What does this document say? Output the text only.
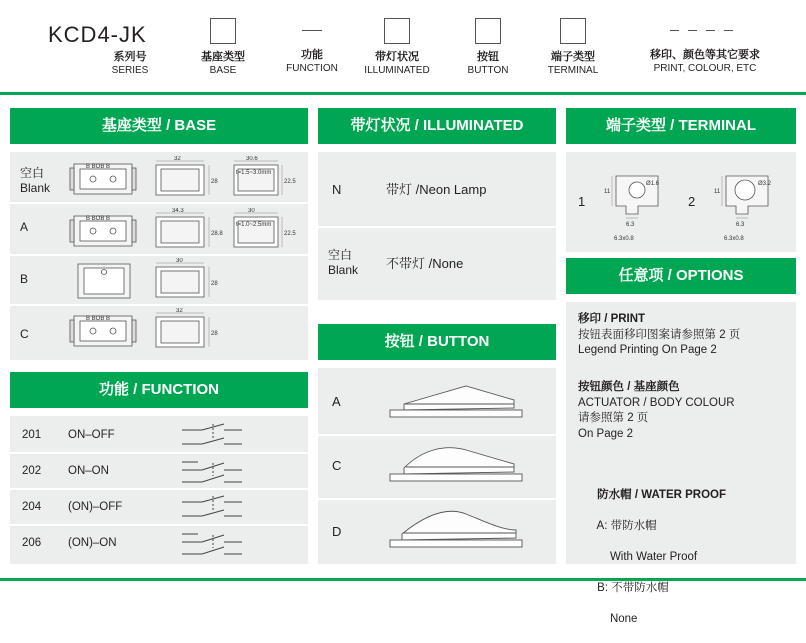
KCD4-JK
系列号
SERIES
基座类型
BASE
功能
FUNCTION
带灯状况
ILLUMINATED
按钮
BUTTON
端子类型
TERMINAL
移印、颜色等其它要求
PRINT, COLOUR, ETC
基座类型 / BASE
空白
Blank
A
B
C
B BOB B
32
28
30.6
22.5
t=1.5~3.0mm
B BOB B
34.3
28.8
30
22.5
t=1.0~2.5mm
30
28
B BOB B
32
28
功能 / FUNCTION
201 ON–OFF
202 ON–ON
204 (ON)–OFF
206 (ON)–ON
带灯状况 / ILLUMINATED
N	带灯 /Neon Lamp
空白
Blank 不带灯 /None
按钮 / BUTTON
A
C
D
端子类型 / TERMINAL
1	2
11
Ø1.6
6.3
6.3x0.8
11
Ø3.2
6.3
6.3x0.8
任意项 / OPTIONS
移印 / PRINT
按钮表面移印图案请参照第 2 页
Legend Printing On Page 2
按钮颜色 / 基座颜色
ACTUATOR / BODY COLOUR
请参照第 2 页
On Page 2

防水帽 / WATER PROOF

A: 带防水帽

With Water Proof

B: 不带防水帽

None
